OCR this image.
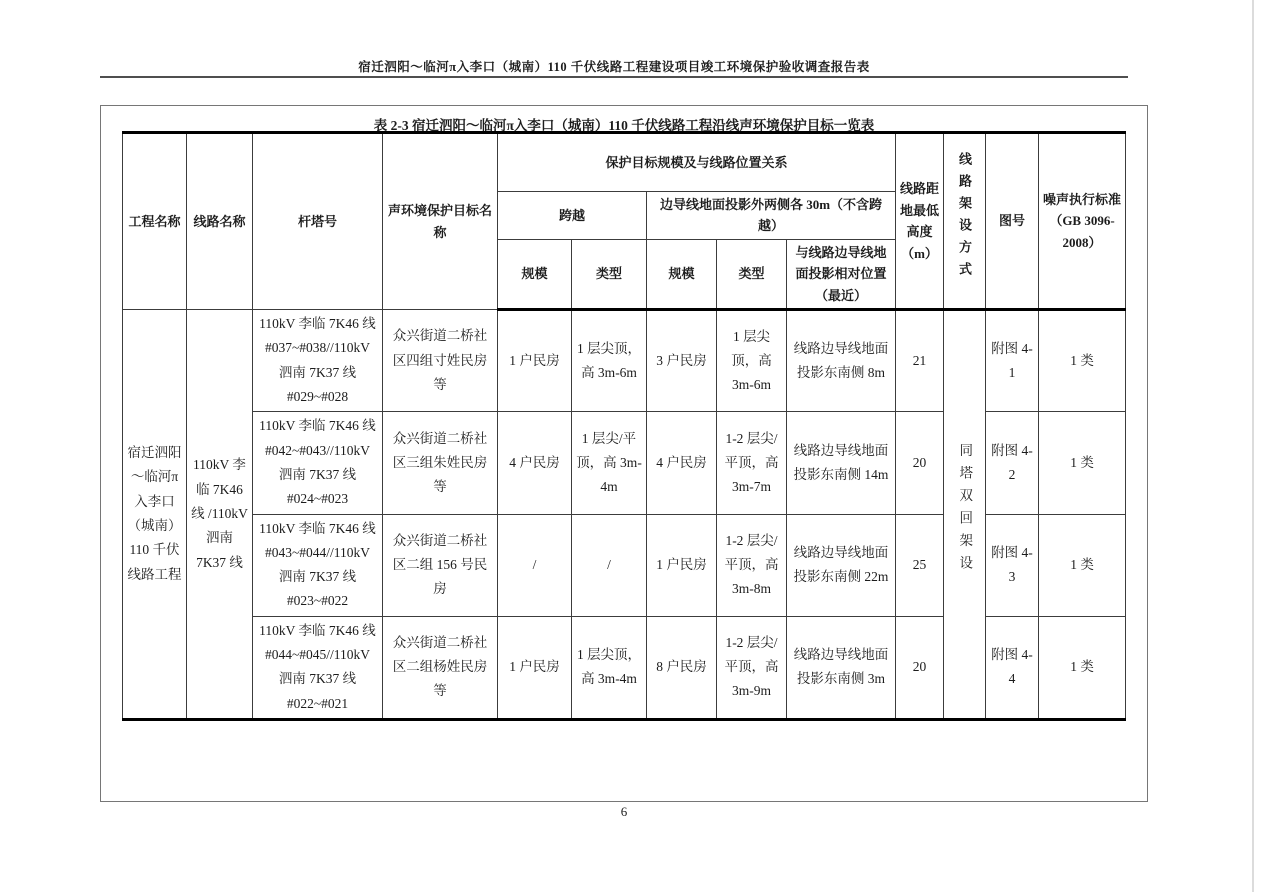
宿迁泗阳～临河π入李口（城南）110 千伏线路工程建设项目竣工环境保护验收调查报告表
表 2-3 宿迁泗阳～临河π入李口（城南）110 千伏线路工程沿线声环境保护目标一览表
工程名称	线路名称	杆塔号	声环境保护目标名称	保护目标规模及与线路位置关系					线路距地最低高度（m）	线路架设方式	图号	噪声执行标准（GB 3096-2008）
				跨越		边导线地面投影外两侧各 30m（不含跨越）						
				规模	类型	规模	类型	与线路边导线地面投影相对位置（最近）				
宿迁泗阳～临河π入李口（城南）110 千伏线路工程	110kV 李临 7K46 线 /110kV 泗南 7K37 线	110kV 李临 7K46 线 #037~#038//110kV 泗南 7K37 线 #029~#028	众兴街道二桥社区四组寸姓民房等	1 户民房	1 层尖顶，高 3m-6m	3 户民房	1 层尖顶，高 3m-6m	线路边导线地面投影东南侧 8m	21	同塔双回架设	附图 4-1	1 类
		110kV 李临 7K46 线 #042~#043//110kV 泗南 7K37 线 #024~#023	众兴街道二桥社区三组朱姓民房等	4 户民房	1 层尖/平顶，高 3m-4m	4 户民房	1-2 层尖/平顶，高 3m-7m	线路边导线地面投影东南侧 14m	20		附图 4-2	1 类
		110kV 李临 7K46 线 #043~#044//110kV 泗南 7K37 线 #023~#022	众兴街道二桥社区二组 156 号民房	/	/	1 户民房	1-2 层尖/平顶，高 3m-8m	线路边导线地面投影东南侧 22m	25		附图 4-3	1 类
		110kV 李临 7K46 线 #044~#045//110kV 泗南 7K37 线 #022~#021	众兴街道二桥社区二组杨姓民房等	1 户民房	1 层尖顶，高 3m-4m	8 户民房	1-2 层尖/平顶，高 3m-9m	线路边导线地面投影东南侧 3m	20		附图 4-4	1 类
6
